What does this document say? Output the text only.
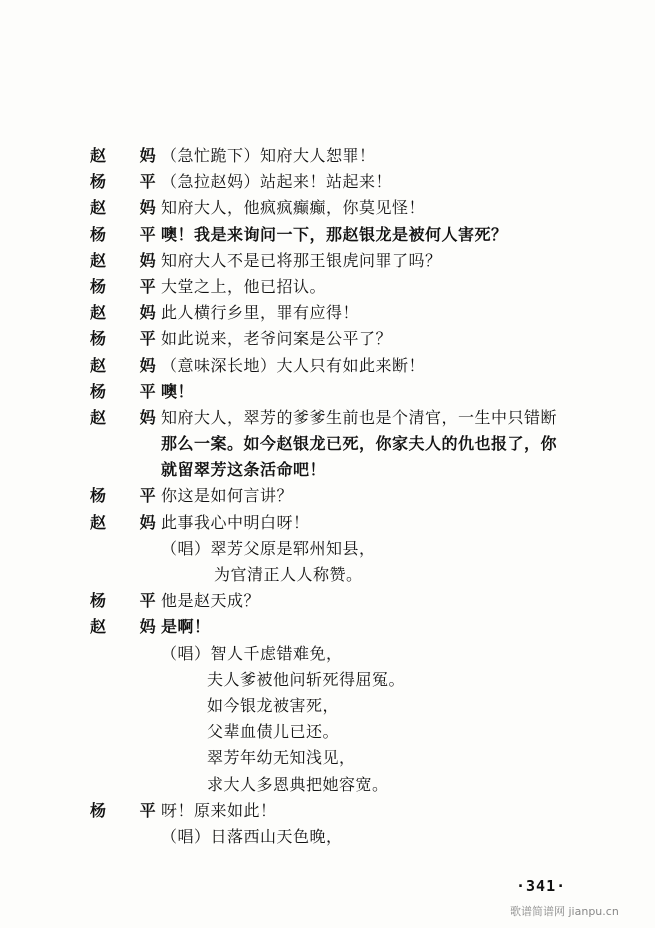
赵 妈
（急忙跪下）知府大人恕罪！
杨 平
（急拉赵妈）站起来！站起来！
赵 妈
知府大人，他疯疯癫癫，你莫见怪！
杨 平
噢！我是来询问一下，那赵银龙是被何人害死？
赵 妈
知府大人不是已将那王银虎问罪了吗？
杨 平
大堂之上，他已招认。
赵 妈
此人横行乡里，罪有应得！
杨 平
如此说来，老爷问案是公平了？
赵 妈
（意味深长地）大人只有如此来断！
杨 平
噢！
赵 妈
知府大人，翠芳的爹爹生前也是个清官，一生中只错断
那么一案。如今赵银龙已死，你家夫人的仇也报了，你
就留翠芳这条活命吧！
杨 平
你这是如何言讲？
赵 妈
此事我心中明白呀！
（唱）翠芳父原是郓州知县，
为官清正人人称赞。
杨 平
他是赵天成？
赵 妈
是啊！
（唱）智人千虑错难免，
夫人爹被他问斩死得屈冤。
如今银龙被害死，
父辈血债儿已还。
翠芳年幼无知浅见，
求大人多恩典把她容宽。
杨 平
呀！原来如此！
（唱）日落西山天色晚，
·341·
歌谱简谱网 jianpu.cn
